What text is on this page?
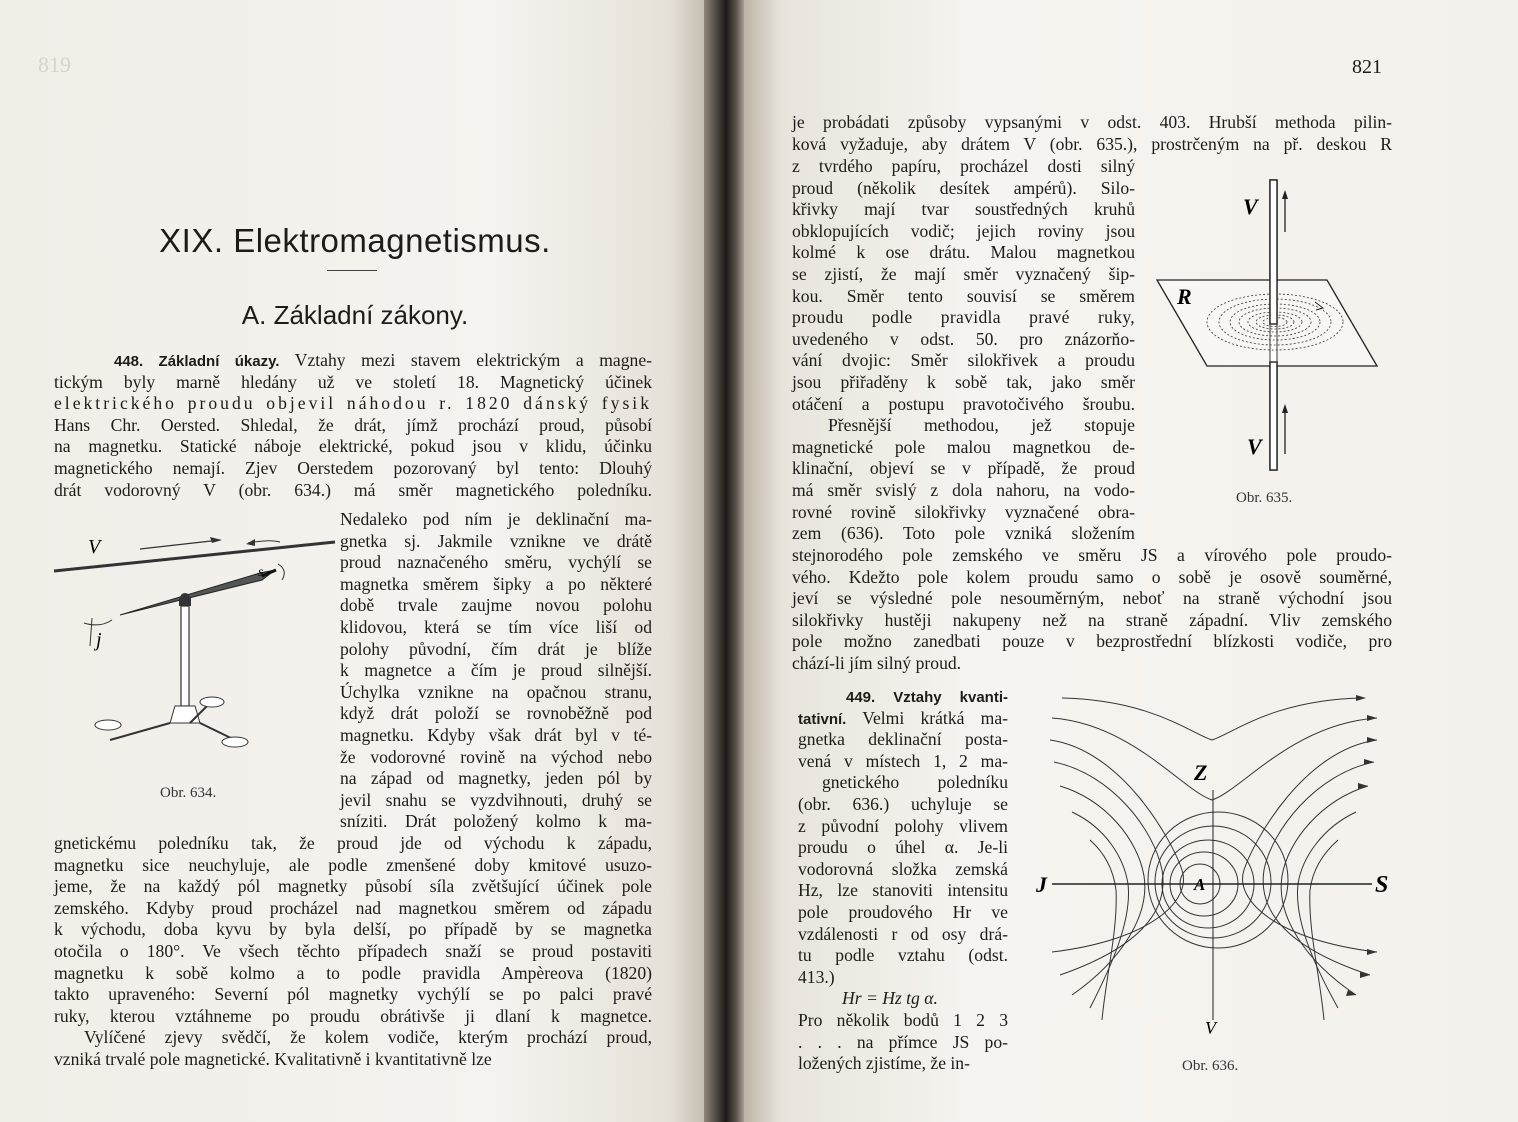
819
XIX. Elektromagnetismus.
A. Základní zákony.
448. Základní úkazy. Vztahy mezi stavem elektrickým a magne-
tickým byly marně hledány už ve století 18. Magnetický účinek
elektrického proudu objevil náhodou r. 1820 dánský fysik
Hans Chr. Oersted. Shledal, že drát, jímž prochází proud, působí
na magnetku. Statické náboje elektrické, pokud jsou v klidu, účinku
magnetického nemají. Zjev Oerstedem pozorovaný byl tento: Dlouhý
drát vodorovný V (obr. 634.) má směr magnetického poledníku.
Nedaleko pod ním je deklinační ma-
gnetka sj. Jakmile vznikne ve drátě
proud naznačeného směru, vychýlí se
magnetka směrem šipky a po některé
době trvale zaujme novou polohu
klidovou, která se tím více liší od
polohy původní, čím drát je blíže
k magnetce a čím je proud silnější.
Úchylka vznikne na opačnou stranu,
když drát položí se rovnoběžně pod
magnetku. Kdyby však drát byl v té-
že vodorovné rovině na východ nebo
na západ od magnetky, jeden pól by
jevil snahu se vyzdvihnouti, druhý se
sníziti. Drát položený kolmo k ma-
gnetickému poledníku tak, že proud jde od východu k západu,
magnetku sice neuchyluje, ale podle zmenšené doby kmitové usuzo-
jeme, že na každý pól magnetky působí síla zvětšující účinek pole
zemského. Kdyby proud procházel nad magnetkou směrem od západu
k východu, doba kyvu by byla delší, po případě by se magnetka
otočila o 180°. Ve všech těchto případech snaží se proud postaviti
magnetku k sobě kolmo a to podle pravidla Ampèreova (1820)
takto upraveného: Severní pól magnetky vychýlí se po palci pravé
ruky, kterou vztáhneme po proudu obrátivše ji dlaní k magnetce.
Vylíčené zjevy svědčí, že kolem vodiče, kterým prochází proud,
vzniká trvalé pole magnetické. Kvalitativně i kvantitativně lze
V
s
j
Obr. 634.
821
je probádati způsoby vypsanými v odst. 403. Hrubší methoda pilin-
ková vyžaduje, aby drátem V (obr. 635.), prostrčeným na př. deskou R
z tvrdého papíru, procházel dosti silný
proud (několik desítek ampérů). Silo-
křivky mají tvar soustředných kruhů
obklopujících vodič; jejich roviny jsou
kolmé k ose drátu. Malou magnetkou
se zjistí, že mají směr vyznačený šip-
kou. Směr tento souvisí se směrem
proudu podle pravidla pravé ruky,
uvedeného v odst. 50. pro znázorňo-
vání dvojic: Směr silokřivek a proudu
jsou přiřaděny k sobě tak, jako směr
otáčení a postupu pravotočivého šroubu.
Přesnější methodou, jež stopuje
magnetické pole malou magnetkou de-
klinační, objeví se v případě, že proud
má směr svislý z dola nahoru, na vodo-
rovné rovině silokřivky vyznačené obra-
zem (636). Toto pole vzniká složením
stejnorodého pole zemského ve směru JS a vírového pole proudo-
vého. Kdežto pole kolem proudu samo o sobě je osově souměrné,
jeví se výsledné pole nesouměrným, neboť na straně východní jsou
silokřivky hustěji nakupeny než na straně západní. Vliv zemského
pole možno zanedbati pouze v bezprostřední blízkosti vodiče, pro
chází-li jím silný proud.
449. Vztahy kvanti-
tativní. Velmi krátká ma-
gnetka deklinační posta-
vená v místech 1, 2 ma-
gnetického poledníku
(obr. 636.) uchyluje se
z původní polohy vlivem
proudu o úhel α. Je-li
vodorovná složka zemská
Hz, lze stanoviti intensitu
pole proudového Hr ve
vzdálenosti r od osy drá-
tu podle vztahu (odst.
413.)
Hr = Hz tg α.
Pro několik bodů 1 2 3
. . . na přímce JS po-
ložených zjistíme, že in-
V
R
V
Obr. 635.
Z
J	S
A
V
Obr. 636.
